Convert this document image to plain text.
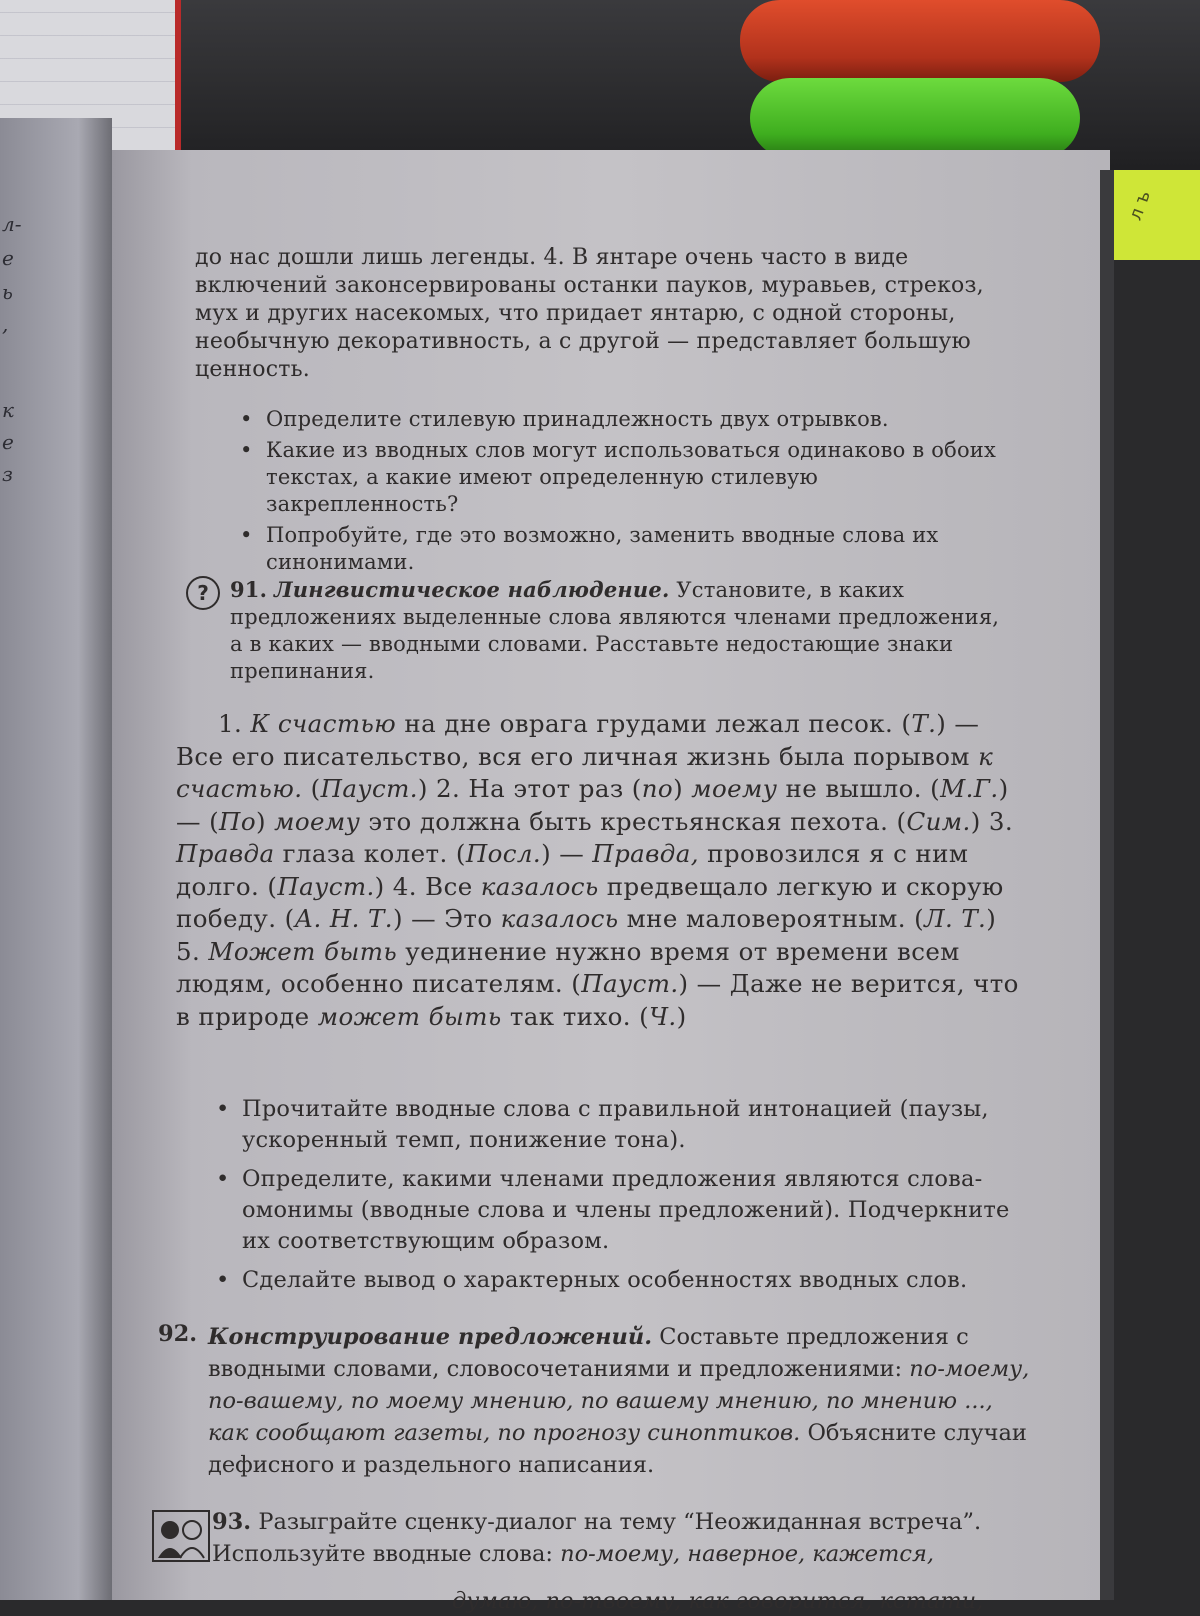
л ъ
л-
е
ь
,
к
е
з

до нас дошли лишь легенды. 4. В янтаре очень часто в виде включений законсервированы останки пауков, муравьев, стрекоз, мух и других насекомых, что придает янтарю, с одной стороны, необычную декоративность, а с другой — представляет большую ценность.

• Определите стилевую принадлежность двух отрывков.

• Какие из вводных слов могут использоваться одинаково в обоих текстах, а какие имеют определенную стилевую закрепленность?

• Попробуйте, где это возможно, заменить вводные слова их синонимами.

?	91. Лингвистическое наблюдение. Установите, в каких предложениях выделенные слова являются членами предложения, а в каких — вводными словами. Расставьте недостающие знаки препинания.

1. К счастью на дне оврага грудами лежал песок. (Т.) — Все его писательство, вся его личная жизнь была порывом к счастью. (Пауст.) 2. На этот раз (по) моему не вышло. (М.Г.) — (По) моему это должна быть крестьянская пехота. (Сим.) 3. Правда глаза колет. (Посл.) — Правда, провозился я с ним долго. (Пауст.) 4. Все казалось предвещало легкую и скорую победу. (А. Н. Т.) — Это казалось мне маловероятным. (Л. Т.) 5. Может быть уединение нужно время от времени всем людям, особенно писателям. (Пауст.) — Даже не верится, что в природе может быть так тихо. (Ч.)

• Прочитайте вводные слова с правильной интонацией (паузы, ускоренный темп, понижение тона).

• Определите, какими членами предложения являются слова-омонимы (вводные слова и члены предложений). Подчеркните их соответствующим образом.

• Сделайте вывод о характерных особенностях вводных слов.

92. Конструирование предложений. Составьте предложения с вводными словами, словосочетаниями и предложениями: по-моему, по-вашему, по моему мнению, по вашему мнению, по мнению ..., как сообщают газеты, по прогнозу синоптиков. Объясните случаи дефисного и раздельного написания.

93. Разыграйте сценку-диалог на тему “Неожиданная встреча”. Используйте вводные слова: по-моему, наверное, кажется,

думаю, по-твоему, как говорится, кстати,
